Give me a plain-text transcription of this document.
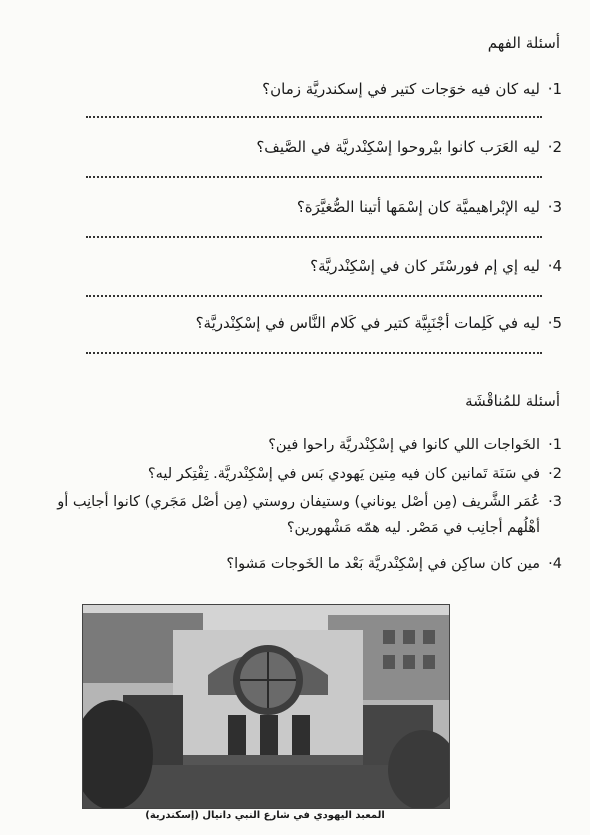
أسئلة الفهم
·1
ليه كان فيه خوَجات كتير في إسكندريَّة زمان؟
·2
ليه العَرَب كانوا بيْروحوا إسْكِنْدريَّة في الصَّيف؟
·3
ليه الإبْراهيميَّة كان إسْمَها أتينا الصُّغيَّرَة؟
·4
ليه إي إم فورسْتَر كان في إسْكِنْدريَّة؟
·5
ليه في كَلِمات أجْنَبِيَّة كتير في كَلام النَّاس في إسْكِنْدريَّة؟
أسئلة للمُناقْشَة
·1
الخَواجات اللي كانوا في إسْكِنْدريَّة راحوا فين؟
·2
في سَنَة تَمانين كان فيه مِتين يَهودي بَس في إسْكِنْدريَّة. تِفْتِكر ليه؟
·3
عُمَر الشَّريف (مِن أصْل يوناني) وستيفان روستي (مِن أصْل مَجَري) كانوا أجانِب أو أهْلُهم أجانِب في مَصْر. ليه همّه مَشْهورين؟
·4
مين كان ساكِن في إسْكِنْدريَّة بَعْد ما الخَوجات مَشوا؟
المعبد اليهودي في شارع النبي دانيال (إسكندرية)
